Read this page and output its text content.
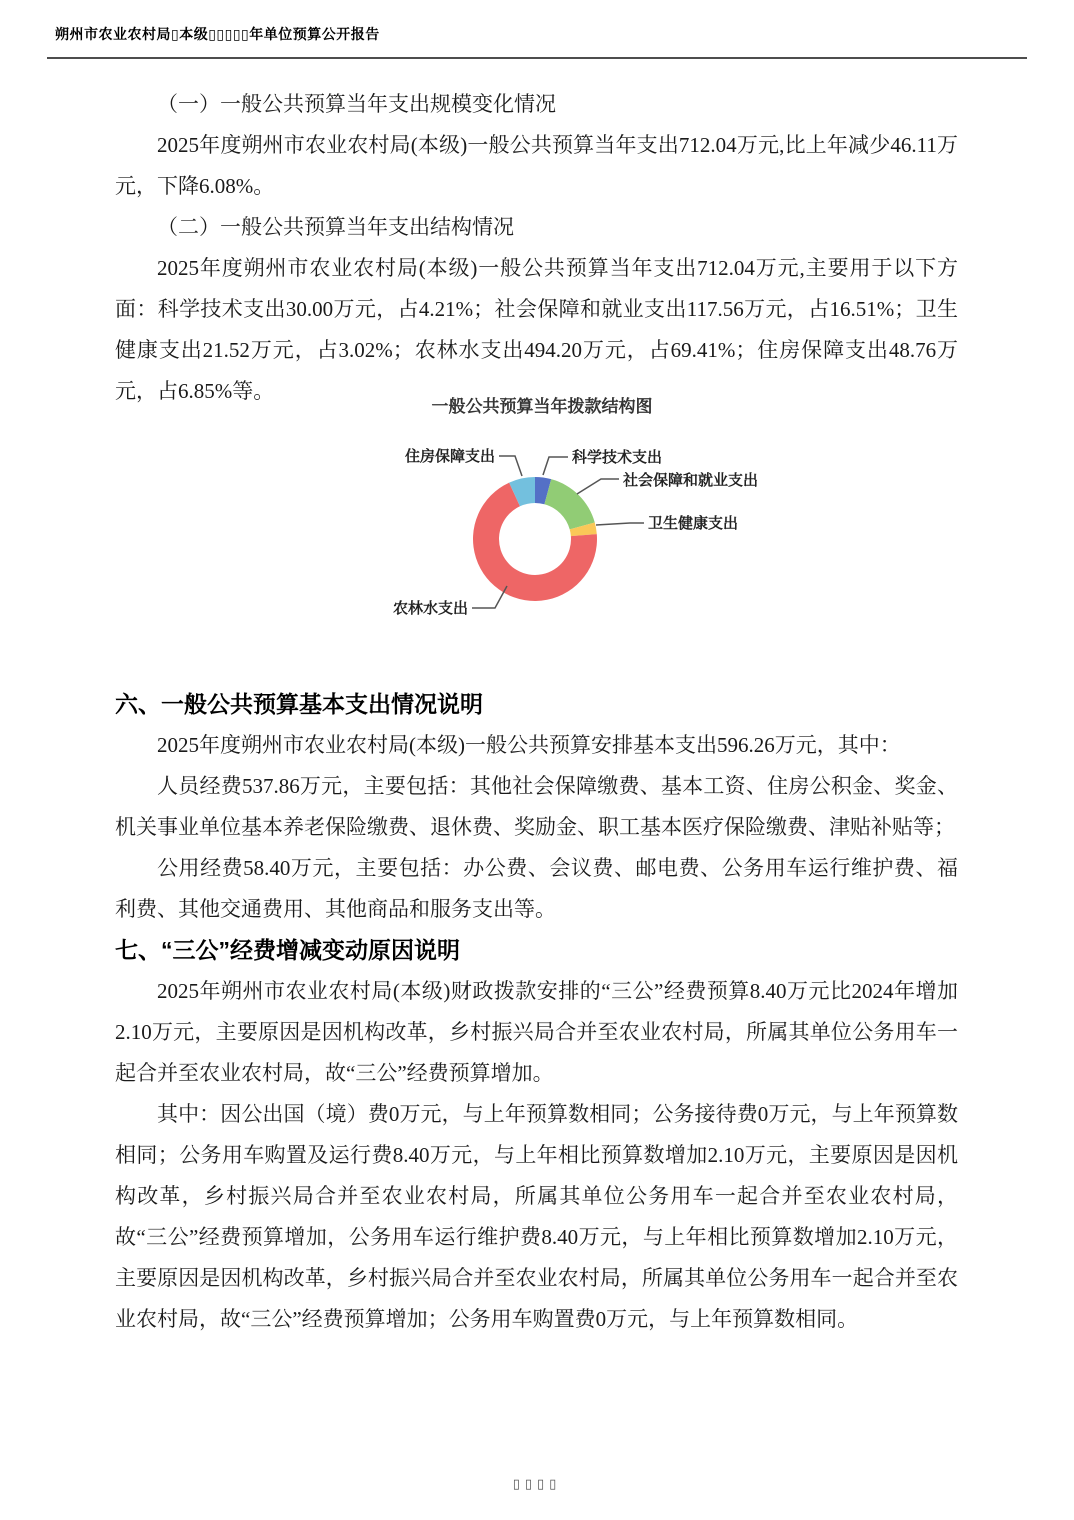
朔州市农业农村局▯本级▯▯▯▯▯年单位预算公开报告

（一）一般公共预算当年支出规模变化情况

2025年度朔州市农业农村局(本级)一般公共预算当年支出712.04万元,比上年减少46.11万元，下降6.08%。

（二）一般公共预算当年支出结构情况

2025年度朔州市农业农村局(本级)一般公共预算当年支出712.04万元,主要用于以下方面：科学技术支出30.00万元，占4.21%；社会保障和就业支出117.56万元，占16.51%；卫生健康支出21.52万元，占3.02%；农林水支出494.20万元，占69.41%；住房保障支出48.76万元，占6.85%等。

一般公共预算当年拨款结构图
科学技术支出
社会保障和就业支出
卫生健康支出
农林水支出
住房保障支出
六、一般公共预算基本支出情况说明

2025年度朔州市农业农村局(本级)一般公共预算安排基本支出596.26万元，其中：

人员经费537.86万元，主要包括：其他社会保障缴费、基本工资、住房公积金、奖金、机关事业单位基本养老保险缴费、退休费、奖励金、职工基本医疗保险缴费、津贴补贴等；

公用经费58.40万元，主要包括：办公费、会议费、邮电费、公务用车运行维护费、福利费、其他交通费用、其他商品和服务支出等。

七、“三公”经费增减变动原因说明

2025年朔州市农业农村局(本级)财政拨款安排的“三公”经费预算8.40万元比2024年增加 2.10万元，主要原因是因机构改革，乡村振兴局合并至农业农村局，所属其单位公务用车一起合并至农业农村局，故“三公”经费预算增加。

其中：因公出国（境）费0万元，与上年预算数相同；公务接待费0万元，与上年预算数相同；公务用车购置及运行费8.40万元，与上年相比预算数增加2.10万元，主要原因是因机构改革，乡村振兴局合并至农业农村局，所属其单位公务用车一起合并至农业农村局，故“三公”经费预算增加，公务用车运行维护费8.40万元，与上年相比预算数增加2.10万元，主要原因是因机构改革，乡村振兴局合并至农业农村局，所属其单位公务用车一起合并至农业农村局，故“三公”经费预算增加；公务用车购置费0万元，与上年预算数相同。

▯▯▯▯
